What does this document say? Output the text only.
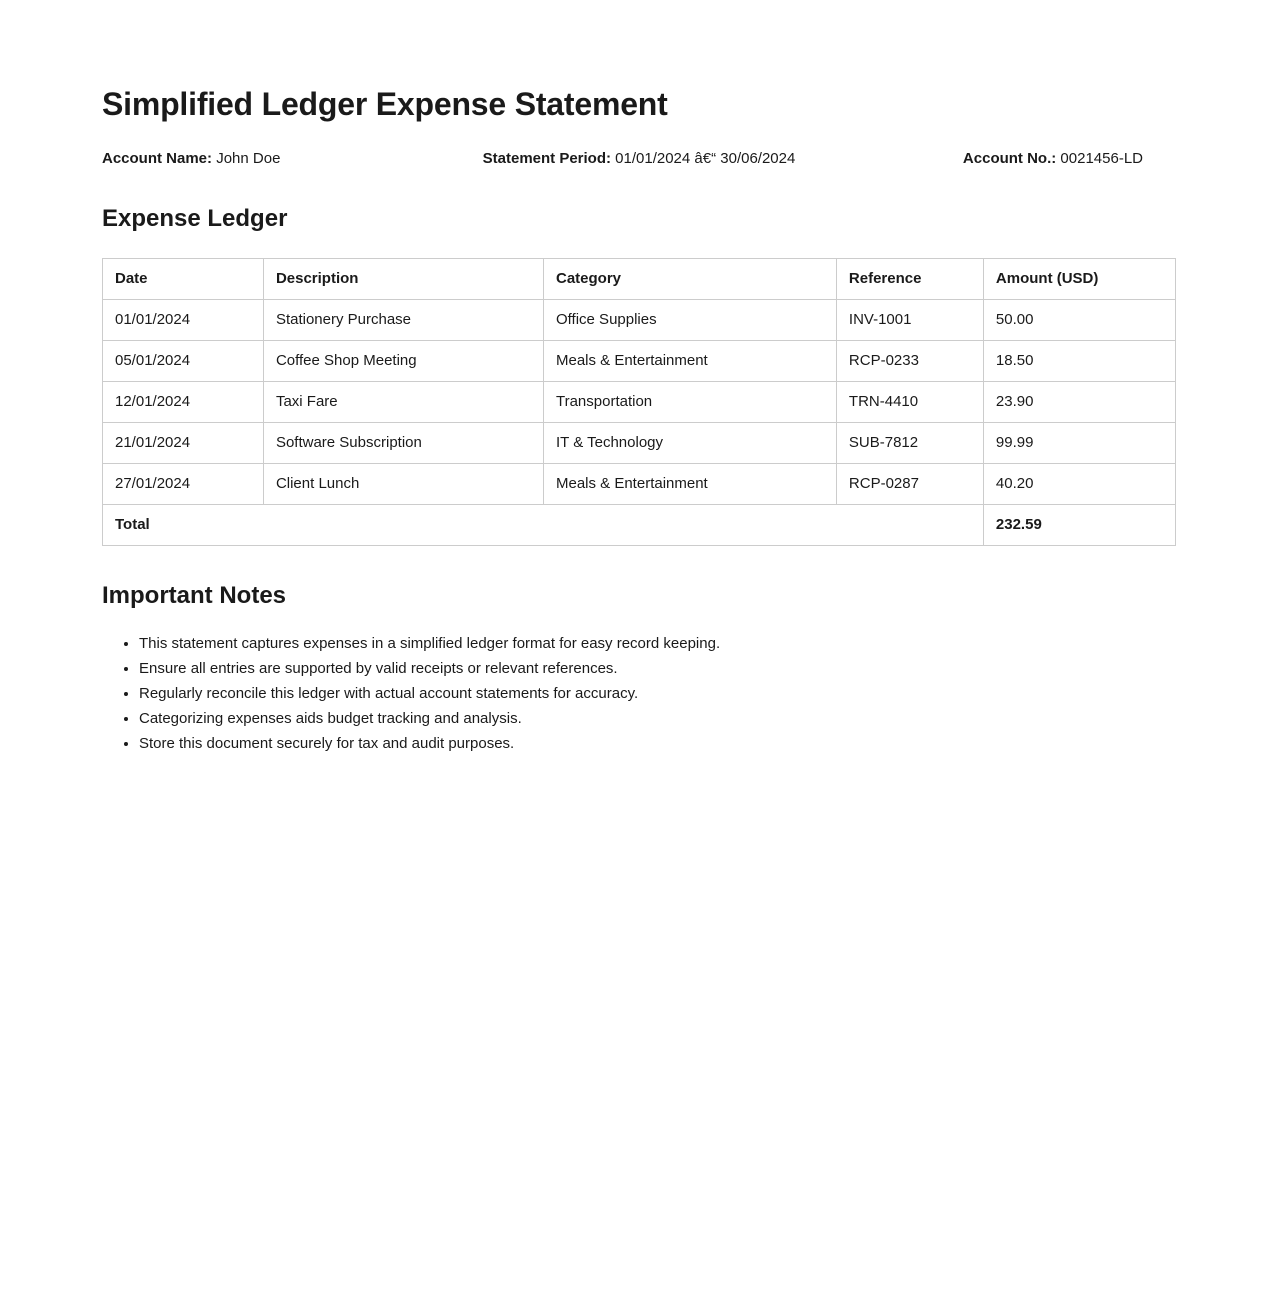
Simplified Ledger Expense Statement
Account Name: John Doe	Statement Period: 01/01/2024 â€“ 30/06/2024	Account No.: 0021456-LD
Expense Ledger
Date	Description	Category	Reference	Amount (USD)
01/01/2024	Stationery Purchase	Office Supplies	INV-1001	50.00
05/01/2024	Coffee Shop Meeting	Meals & Entertainment	RCP-0233	18.50
12/01/2024	Taxi Fare	Transportation	TRN-4410	23.90
21/01/2024	Software Subscription	IT & Technology	SUB-7812	99.99
27/01/2024	Client Lunch	Meals & Entertainment	RCP-0287	40.20
Total				232.59
Important Notes
• This statement captures expenses in a simplified ledger format for easy record keeping.
• Ensure all entries are supported by valid receipts or relevant references.
• Regularly reconcile this ledger with actual account statements for accuracy.
• Categorizing expenses aids budget tracking and analysis.
• Store this document securely for tax and audit purposes.
